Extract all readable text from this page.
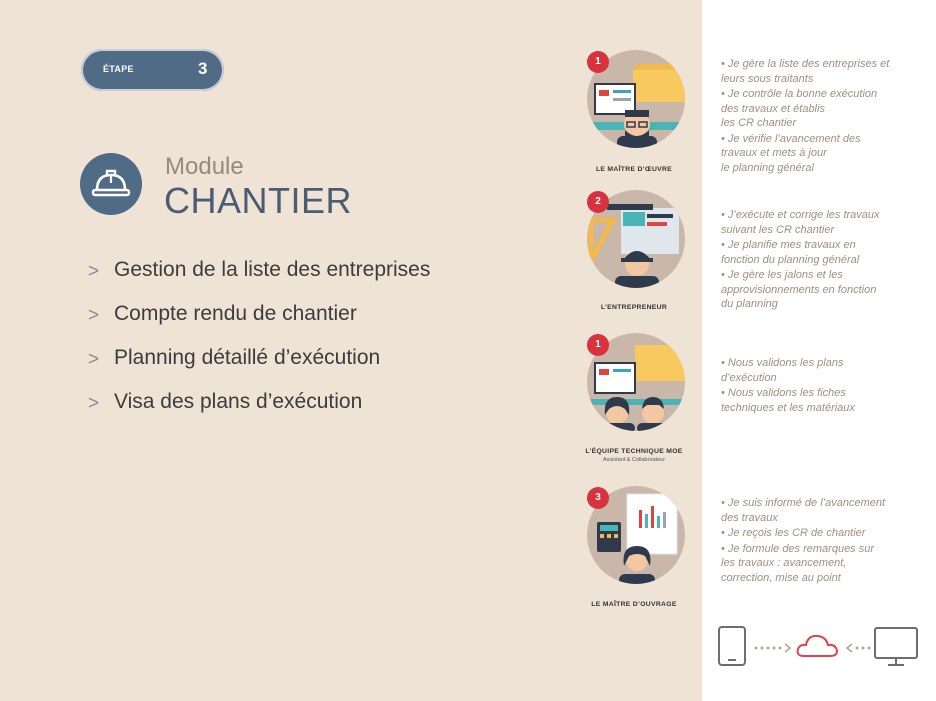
ÉTAPE	3
Module
CHANTIER
> Gestion de la liste des entreprises
> Compte rendu de chantier
> Planning détaillé d’exécution
> Visa des plans d’exécution
1
LE MAÎTRE D’ŒUVRE
2
L’ENTREPRENEUR
1
L’ÉQUIPE TECHNIQUE MOE
Assistant & Collaborateur
3
LE MAÎTRE D’OUVRAGE
• Je gère la liste des entreprises et
leurs sous traitants
• Je contrôle la bonne exécution
des travaux et établis
les CR chantier
• Je vérifie l’avancement des
travaux et mets à jour
le planning général
• J’exécute et corrige les travaux
suivant les CR chantier
• Je planifie mes travaux en
fonction du planning général
• Je gère les jalons et les
approvisionnements en fonction
du planning
• Nous validons les plans
d’exécution
• Nous validons les fiches
techniques et les matériaux
• Je suis informé de l’avancement
des travaux
• Je reçois les CR de chantier
• Je formule des remarques sur
les travaux : avancement,
correction, mise au point
